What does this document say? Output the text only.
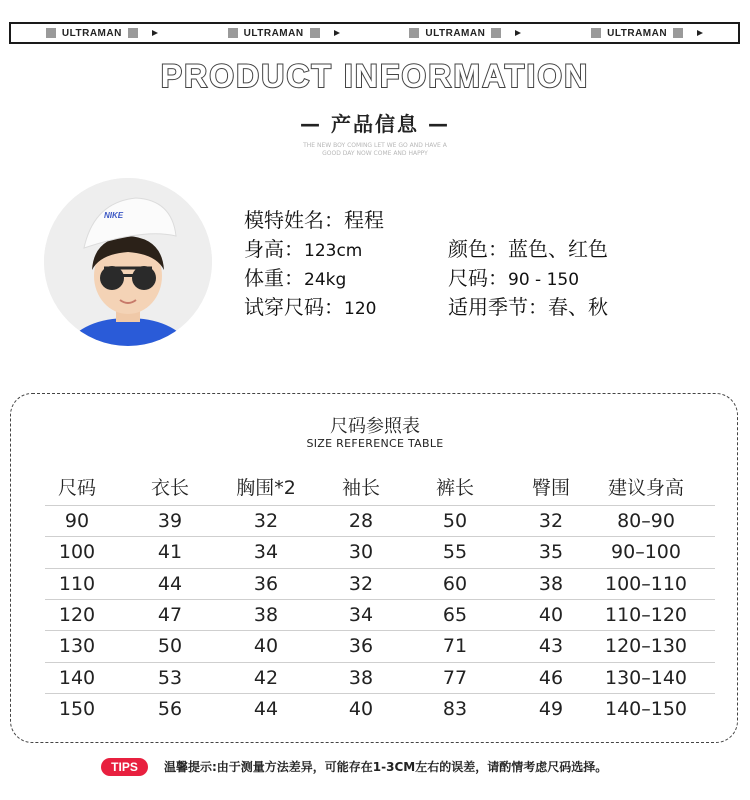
ULTRAMAN	ULTRAMAN	ULTRAMAN	ULTRAMAN
PRODUCT INFORMATION
— 产品信息 —
THE NEW BOY COMING LET WE GO AND HAVE A
GOOD DAY NOW COME AND HAPPY
NIKE	模特姓名：程程
身高：123cm
体重：24kg
试穿尺码：120
颜色：蓝色、红色
尺码：90 - 150
适用季节：春、秋
尺码参照表
SIZE REFERENCE TABLE
尺码	衣长 胸围*2 袖长	裤长	臀围 建议身高
90	39	32	28	50	32	80–90
100	41	34	30	55	35	90–100
110	44	36	32	60	38 100–110
120	47	38	34	65	40 110–120
130	50	40	36	71	43 120–130
140	53	42	38	77	46 130–140
150	56	44	40	83	49 140–150
TIPS	温馨提示:由于测量方法差异，可能存在1-3CM左右的误差，请酌情考虑尺码选择。
